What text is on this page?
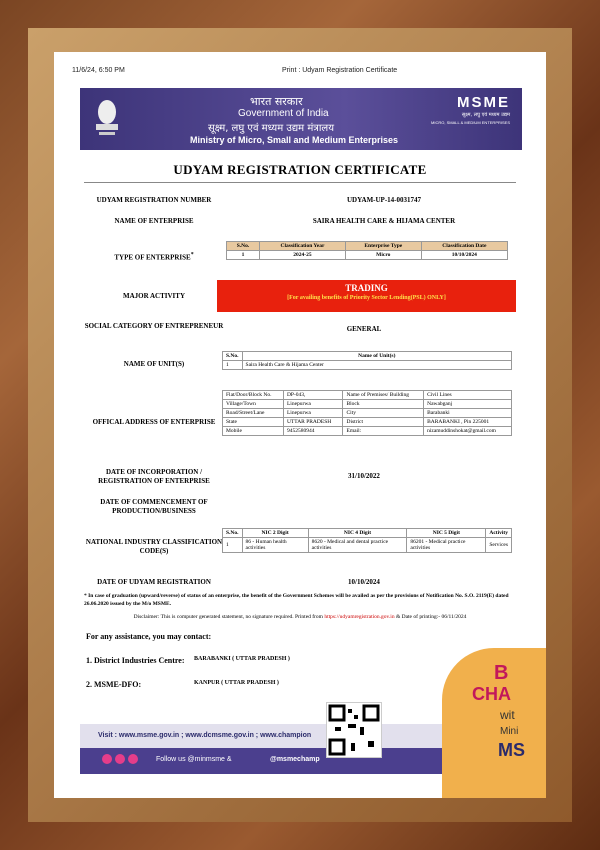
11/6/24, 6:50 PM	Print : Udyam Registration Certificate
भारत सरकार
Government of India
सूक्ष्म, लघु एवं मध्यम उद्यम मंत्रालय
Ministry of Micro, Small and Medium Enterprises
MSME
सूक्ष्म, लघु एवं मध्यम उद्यम
MICRO, SMALL & MEDIUM ENTERPRISES
UDYAM REGISTRATION CERTIFICATE
UDYAM REGISTRATION NUMBER	UDYAM-UP-14-0031747
NAME OF ENTERPRISE	SAIRA HEALTH CARE & HIJAMA CENTER
TYPE OF ENTERPRISE*
S.No.	Classification Year	Enterprise Type	Classification Date
1	2024-25	Micro	10/10/2024
MAJOR ACTIVITY
TRADING
[For availing benefits of Priority Sector Lending(PSL) ONLY]
SOCIAL CATEGORY OF ENTREPRENEUR	GENERAL
NAME OF UNIT(S)
S.No.	Name of Unit(s)
1	Saira Health Care & Hijama Center
OFFICAL ADDRESS OF ENTERPRISE
Flat/Door/Block No.	DP-043,	Name of Premises/ Building	Civil Lines
Village/Town	Linepurwa	Block	Nawabganj
Road/Street/Lane	Linepurwa	City	Barabanki
State	UTTAR PRADESH	District	BARABANKI , Pin 225001
Mobile	9452580944	Email:	nizamuddinshokat@gmail.com
DATE OF INCORPORATION / REGISTRATION OF ENTERPRISE
31/10/2022
DATE OF COMMENCEMENT OF PRODUCTION/BUSINESS
NATIONAL INDUSTRY CLASSIFICATION CODE(S)
S.No.	NIC 2 Digit	NIC 4 Digit	NIC 5 Digit	Activity
1	86 - Human health activities	8620 - Medical and dental practice activities	86201 - Medical practice activities	Services
DATE OF UDYAM REGISTRATION	10/10/2024
* In case of graduation (upward/reverse) of status of an enterprise, the benefit of the Government Schemes will be availed as per the provisions of Notification No. S.O. 2119(E) dated 26.06.2020 issued by the M/o MSME.
Disclaimer: This is computer generated statement, no signature required. Printed from https://udyamregistration.gov.in & Date of printing:- 06/11/2024
For any assistance, you may contact:
1. District Industries Centre: BARABANKI ( UTTAR PRADESH )
2. MSME-DFO:	KANPUR ( UTTAR PRADESH )
Visit : www.msme.gov.in ; www.dcmsme.gov.in ; www.champion
Follow us @minmsme &	@msmechamp
B
CHA
wit
Mini
MS
